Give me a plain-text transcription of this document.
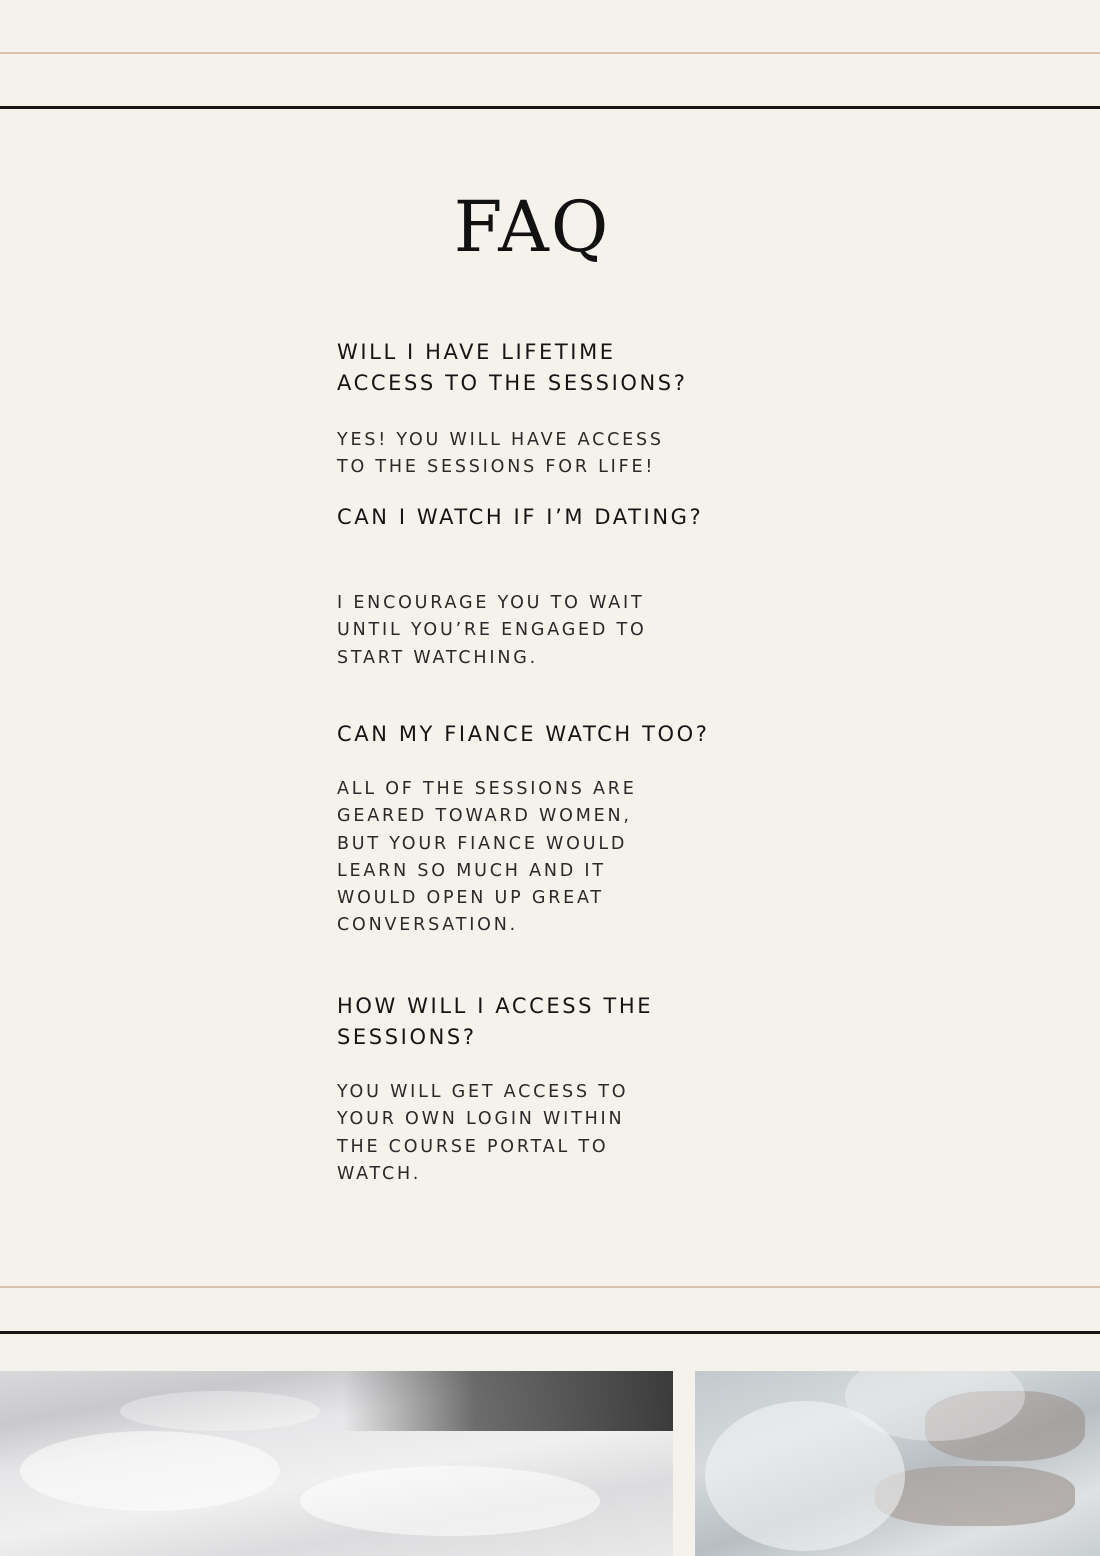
FAQ

WILL I HAVE LIFETIME
ACCESS TO THE SESSIONS?

YES! YOU WILL HAVE ACCESS
TO THE SESSIONS FOR LIFE!

CAN I WATCH IF I’M DATING?

I ENCOURAGE YOU TO WAIT
UNTIL YOU’RE ENGAGED TO
START WATCHING.

CAN MY FIANCE WATCH TOO?

ALL OF THE SESSIONS ARE
GEARED TOWARD WOMEN,
BUT YOUR FIANCE WOULD
LEARN SO MUCH AND IT
WOULD OPEN UP GREAT
CONVERSATION.

HOW WILL I ACCESS THE
SESSIONS?

YOU WILL GET ACCESS TO
YOUR OWN LOGIN WITHIN
THE COURSE PORTAL TO
WATCH.
